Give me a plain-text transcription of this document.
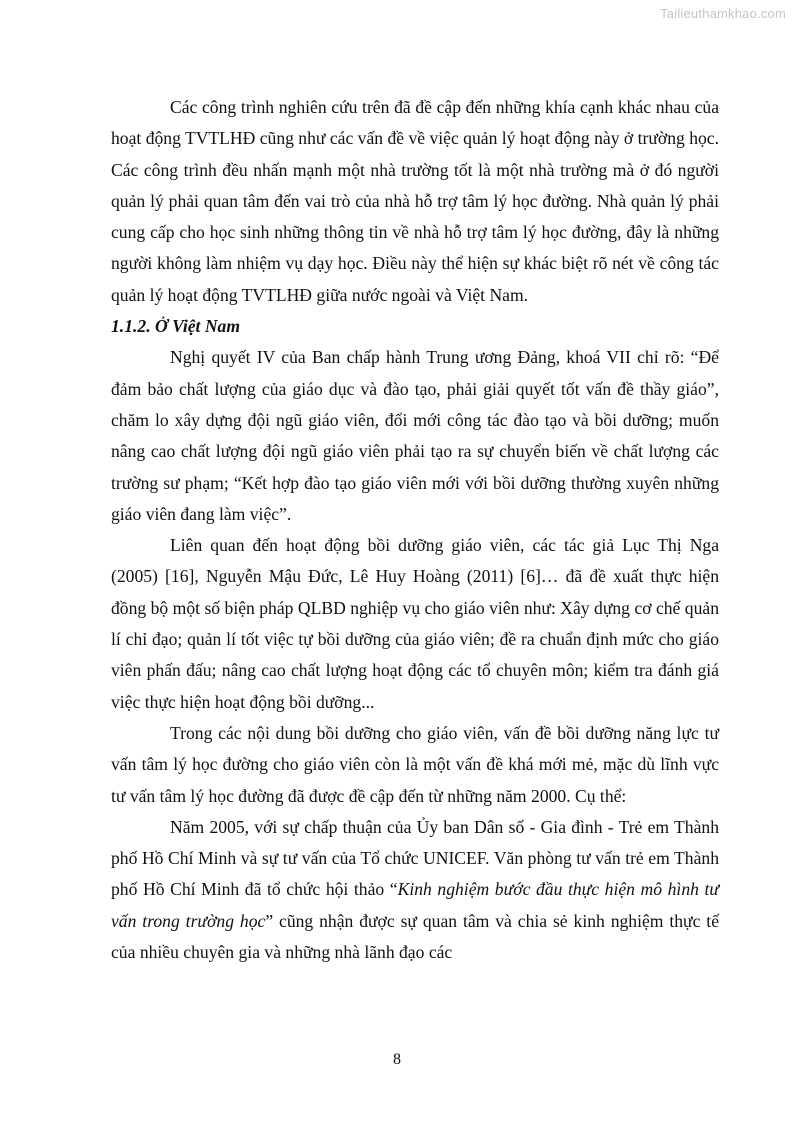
Tailieuthamkhao.com

Các công trình nghiên cứu trên đã đề cập đến những khía cạnh khác nhau của hoạt động TVTLHĐ cũng như các vấn đề về việc quản lý hoạt động này ở trường học. Các công trình đều nhấn mạnh một nhà trường tốt là một nhà trường mà ở đó người quản lý phải quan tâm đến vai trò của nhà hỗ trợ tâm lý học đường. Nhà quản lý phải cung cấp cho học sinh những thông tin về nhà hỗ trợ tâm lý học đường, đây là những người không làm nhiệm vụ dạy học. Điều này thể hiện sự khác biệt rõ nét về công tác quản lý hoạt động TVTLHĐ giữa nước ngoài và Việt Nam.

1.1.2. Ở Việt Nam

Nghị quyết IV của Ban chấp hành Trung ương Đảng, khoá VII chỉ rõ: “Để đảm bảo chất lượng của giáo dục và đào tạo, phải giải quyết tốt vấn đề thầy giáo”, chăm lo xây dựng đội ngũ giáo viên, đổi mới công tác đào tạo và bồi dưỡng; muốn nâng cao chất lượng đội ngũ giáo viên phải tạo ra sự chuyển biến về chất lượng các trường sư phạm; “Kết hợp đào tạo giáo viên mới với bồi dưỡng thường xuyên những giáo viên đang làm việc”.

Liên quan đến hoạt động bồi dưỡng giáo viên, các tác giả Lục Thị Nga (2005) [16], Nguyễn Mậu Đức, Lê Huy Hoàng (2011) [6]… đã đề xuất thực hiện đồng bộ một số biện pháp QLBD nghiệp vụ cho giáo viên như: Xây dựng cơ chế quản lí chỉ đạo; quản lí tốt việc tự bồi dưỡng của giáo viên; đề ra chuẩn định mức cho giáo viên phấn đấu; nâng cao chất lượng hoạt động các tổ chuyên môn; kiểm tra đánh giá việc thực hiện hoạt động bồi dưỡng...

Trong các nội dung bồi dưỡng cho giáo viên, vấn đề bồi dưỡng năng lực tư vấn tâm lý học đường cho giáo viên còn là một vấn đề khá mới mẻ, mặc dù lĩnh vực tư vấn tâm lý học đường đã được đề cập đến từ những năm 2000. Cụ thể:

Năm 2005, với sự chấp thuận của Ủy ban Dân số - Gia đình - Trẻ em Thành phố Hồ Chí Minh và sự tư vấn của Tổ chức UNICEF. Văn phòng tư vấn trẻ em Thành phố Hồ Chí Minh đã tổ chức hội thảo “Kinh nghiệm bước đầu thực hiện mô hình tư vấn trong trường học” cũng nhận được sự quan tâm và chia sẻ kinh nghiệm thực tế của nhiều chuyên gia và những nhà lãnh đạo các

8
